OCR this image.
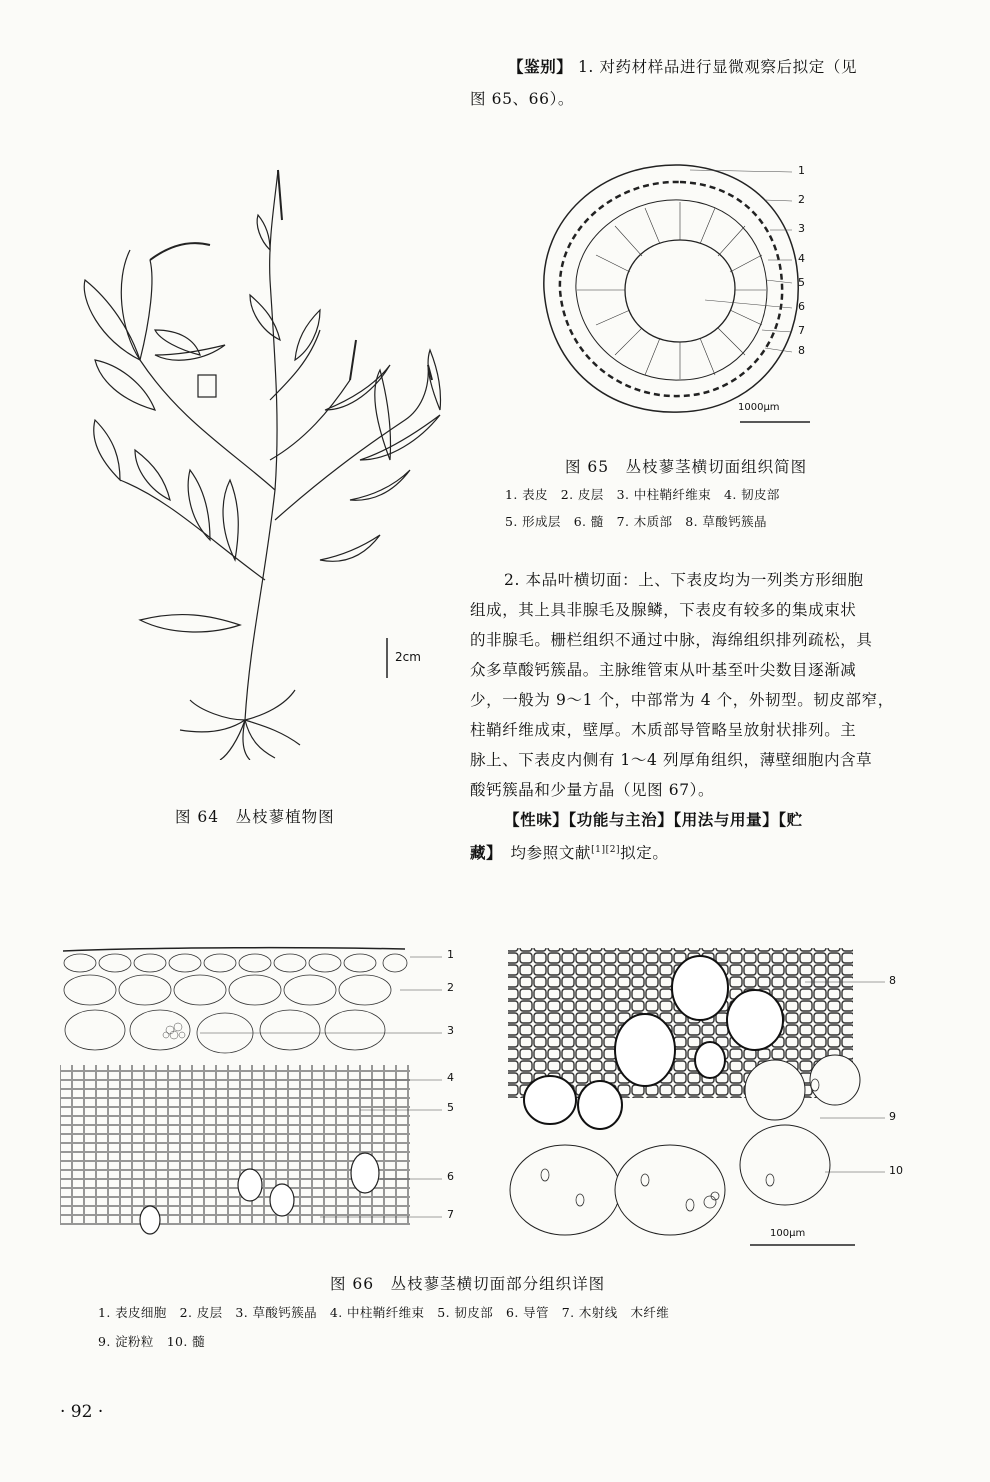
【鉴别】 1. 对药材样品进行显微观察后拟定（见
图 65、66）。
2cm
图 64　丛枝蓼植物图
1
2
3
4
5
6
7
8
1000μm
图 65　丛枝蓼茎横切面组织简图
1. 表皮　2. 皮层　3. 中柱鞘纤维束　4. 韧皮部
5. 形成层　6. 髓　7. 木质部　8. 草酸钙簇晶
2. 本品叶横切面：上、下表皮均为一列类方形细胞
组成，其上具非腺毛及腺鳞，下表皮有较多的集成束状
的非腺毛。栅栏组织不通过中脉，海绵组织排列疏松，具
众多草酸钙簇晶。主脉维管束从叶基至叶尖数目逐渐减
少，一般为 9～1 个，中部常为 4 个，外韧型。韧皮部窄，
柱鞘纤维成束，壁厚。木质部导管略呈放射状排列。主
脉上、下表皮内侧有 1～4 列厚角组织，薄壁细胞内含草
酸钙簇晶和少量方晶（见图 67）。
【性味】【功能与主治】【用法与用量】【贮
藏】　均参照文献[1][2]拟定。
1
2
3
4
5
6
7
8
9
10
100μm
图 66　丛枝蓼茎横切面部分组织详图
1. 表皮细胞　2. 皮层　3. 草酸钙簇晶　4. 中柱鞘纤维束　5. 韧皮部　6. 导管　7. 木射线　木纤维
9. 淀粉粒　10. 髓
· 92 ·
